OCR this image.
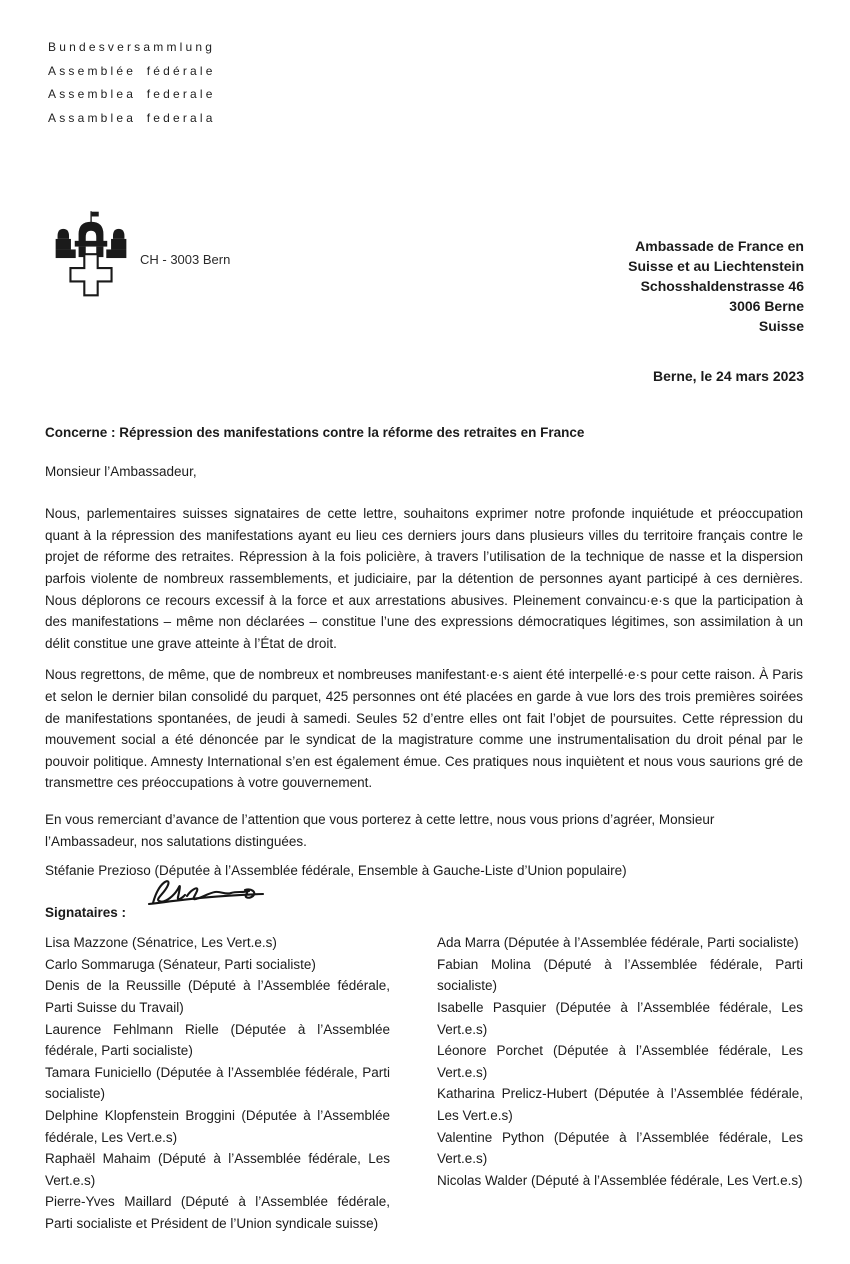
Bundesversammlung
Assemblée fédérale
Assemblea federale
Assamblea federala
CH - 3003 Bern
Ambassade de France en
Suisse et au Liechtenstein
Schosshaldenstrasse 46
3006 Berne
Suisse
Berne, le 24 mars 2023
Concerne : Répression des manifestations contre la réforme des retraites en France
Monsieur l’Ambassadeur,

Nous, parlementaires suisses signataires de cette lettre, souhaitons exprimer notre profonde inquiétude et préoccupation quant à la répression des manifestations ayant eu lieu ces derniers jours dans plusieurs villes du territoire français contre le projet de réforme des retraites. Répression à la fois policière, à travers l’utilisation de la technique de nasse et la dispersion parfois violente de nombreux rassemblements, et judiciaire, par la détention de personnes ayant participé à ces dernières. Nous déplorons ce recours excessif à la force et aux arrestations abusives. Pleinement convaincu·e·s que la participation à des manifestations – même non déclarées – constitue l’une des expressions démocratiques légitimes, son assimilation à un délit constitue une grave atteinte à l’État de droit.

Nous regrettons, de même, que de nombreux et nombreuses manifestant·e·s aient été interpellé·e·s pour cette raison. À Paris et selon le dernier bilan consolidé du parquet, 425 personnes ont été placées en garde à vue lors des trois premières soirées de manifestations spontanées, de jeudi à samedi. Seules 52 d’entre elles ont fait l’objet de poursuites. Cette répression du mouvement social a été dénoncée par le syndicat de la magistrature comme une instrumentalisation du droit pénal par le pouvoir politique. Amnesty International s’en est également émue. Ces pratiques nous inquiètent et nous vous saurions gré de transmettre ces préoccupations à votre gouvernement.

En vous remerciant d’avance de l’attention que vous porterez à cette lettre, nous vous prions d’agréer, Monsieur l’Ambassadeur, nos salutations distinguées.

Stéfanie Prezioso (Députée à l’Assemblée fédérale, Ensemble à Gauche-Liste d’Union populaire)
Signataires :
Lisa Mazzone (Sénatrice, Les Vert.e.s)
Carlo Sommaruga (Sénateur, Parti socialiste)
Denis de la Reussille (Député à l’Assemblée fédérale, Parti Suisse du Travail)
Laurence Fehlmann Rielle (Députée à l’Assemblée fédérale, Parti socialiste)
Tamara Funiciello (Députée à l’Assemblée fédérale, Parti socialiste)
Delphine Klopfenstein Broggini (Députée à l’Assemblée fédérale, Les Vert.e.s)
Raphaël Mahaim (Député à l’Assemblée fédérale, Les Vert.e.s)
Pierre-Yves Maillard (Député à l’Assemblée fédérale, Parti socialiste et Président de l’Union syndicale suisse)
Ada Marra (Députée à l’Assemblée fédérale, Parti socialiste)
Fabian Molina (Député à l’Assemblée fédérale, Parti socialiste)
Isabelle Pasquier (Députée à l’Assemblée fédérale, Les Vert.e.s)
Léonore Porchet (Députée à l’Assemblée fédérale, Les Vert.e.s)
Katharina Prelicz-Hubert (Députée à l’Assemblée fédérale, Les Vert.e.s)
Valentine Python (Députée à l’Assemblée fédérale, Les Vert.e.s)
Nicolas Walder (Député à l’Assemblée fédérale, Les Vert.e.s)
